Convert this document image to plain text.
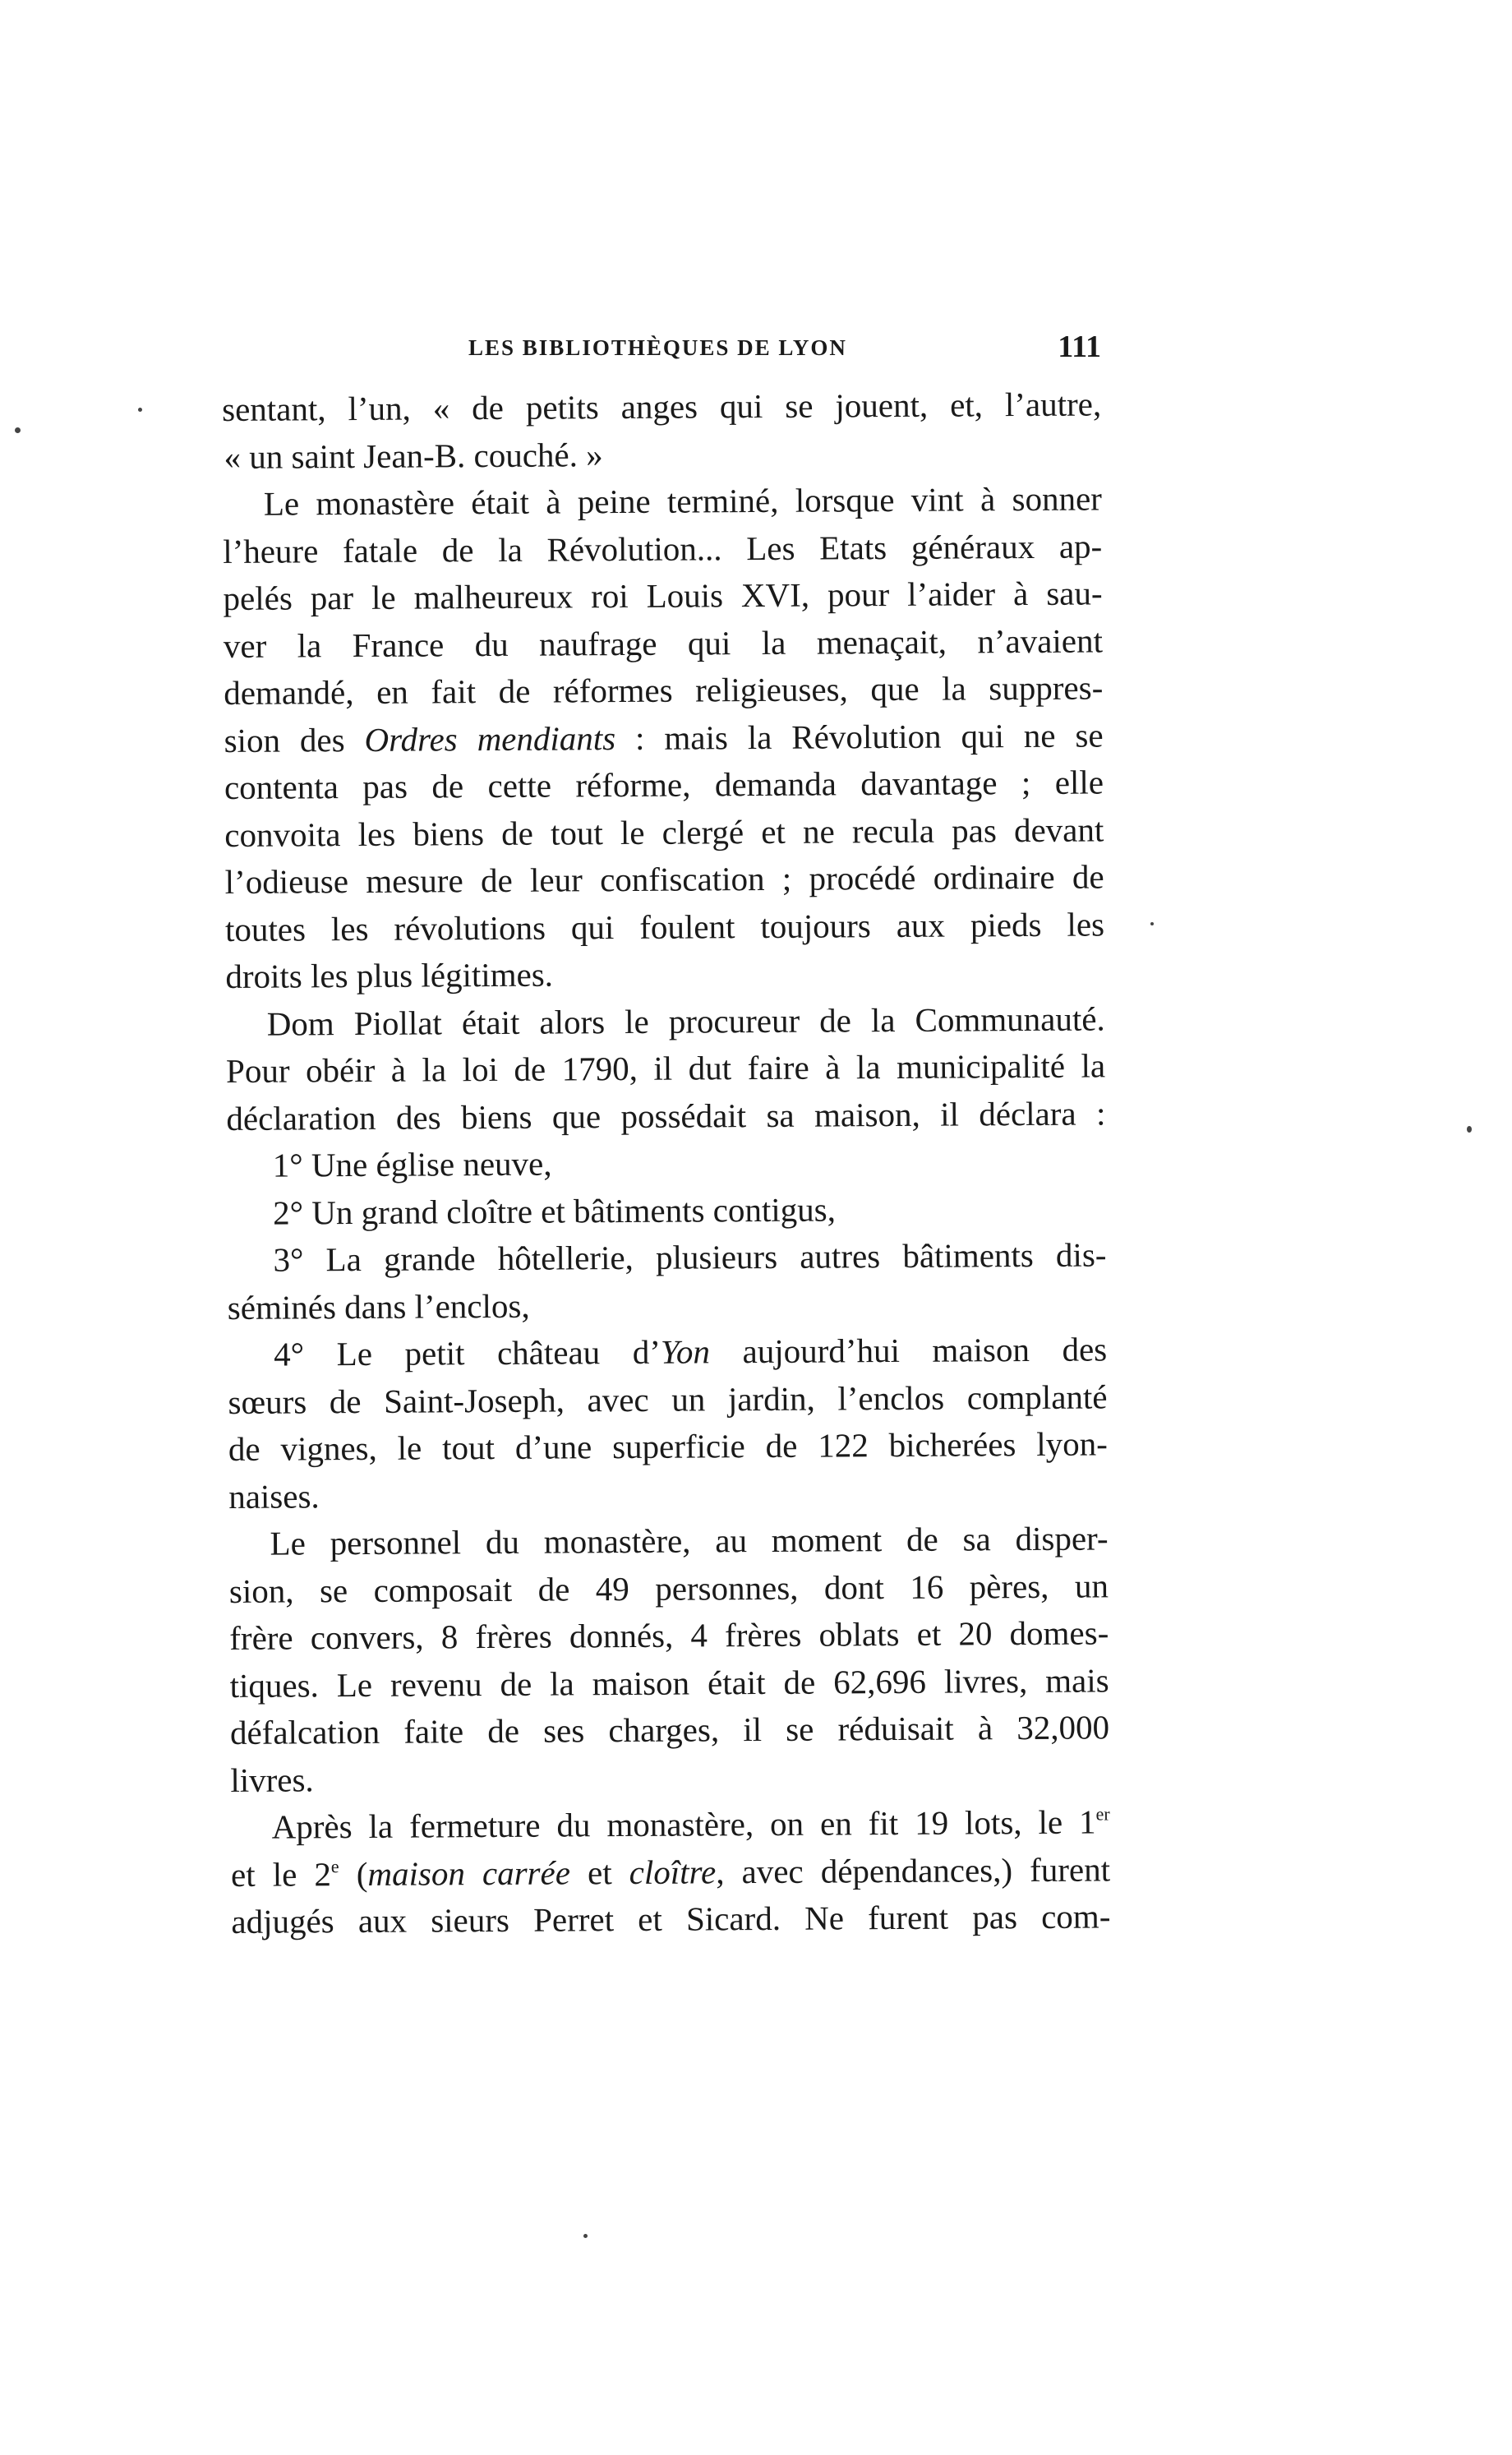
LES BIBLIOTHÈQUES DE LYON	111
sentant, l’un, « de petits anges qui se jouent, et, l’autre,
« un saint Jean-B. couché. »
Le monastère était à peine terminé, lorsque vint à sonner
l’heure fatale de la Révolution... Les Etats généraux ap-
pelés par le malheureux roi Louis XVI, pour l’aider à sau-
ver la France du naufrage qui la menaçait, n’avaient
demandé, en fait de réformes religieuses, que la suppres-
sion des Ordres mendiants : mais la Révolution qui ne se
contenta pas de cette réforme, demanda davantage ; elle
convoita les biens de tout le clergé et ne recula pas devant
l’odieuse mesure de leur confiscation ; procédé ordinaire de
toutes les révolutions qui foulent toujours aux pieds les
droits les plus légitimes.
Dom Piollat était alors le procureur de la Communauté.
Pour obéir à la loi de 1790, il dut faire à la municipalité la
déclaration des biens que possédait sa maison, il déclara :
1° Une église neuve,
2° Un grand cloître et bâtiments contigus,
3° La grande hôtellerie, plusieurs autres bâtiments dis-
séminés dans l’enclos,
4° Le petit château d’Yon aujourd’hui maison des
sœurs de Saint-Joseph, avec un jardin, l’enclos complanté
de vignes, le tout d’une superficie de 122 bicherées lyon-
naises.
Le personnel du monastère, au moment de sa disper-
sion, se composait de 49 personnes, dont 16 pères, un
frère convers, 8 frères donnés, 4 frères oblats et 20 domes-
tiques. Le revenu de la maison était de 62,696 livres, mais
défalcation faite de ses charges, il se réduisait à 32,000
livres.
Après la fermeture du monastère, on en fit 19 lots, le 1er
et le 2e (maison carrée et cloître, avec dépendances,) furent
adjugés aux sieurs Perret et Sicard. Ne furent pas com-
